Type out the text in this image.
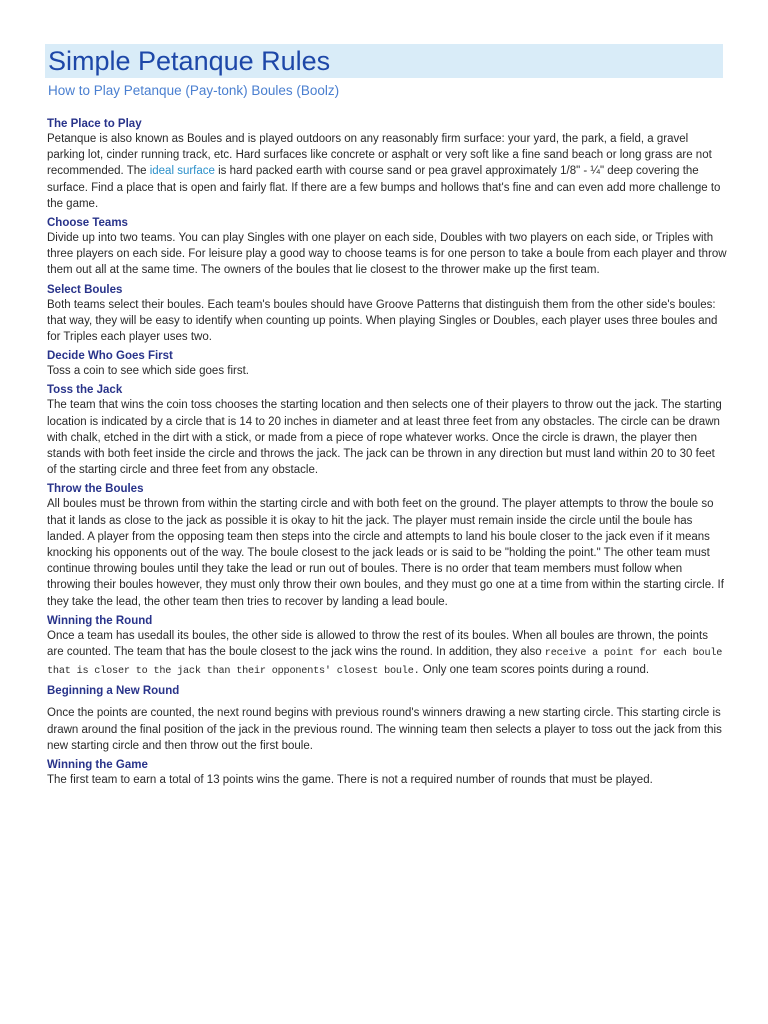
Simple Petanque Rules
How to Play Petanque (Pay-tonk) Boules (Boolz)
The Place to Play

Petanque is also known as Boules and is played outdoors on any reasonably firm surface: your yard, the park, a field, a gravel parking lot, cinder running track, etc. Hard surfaces like concrete or asphalt or very soft like a fine sand beach or long grass are not recommended. The ideal surface is hard packed earth with course sand or pea gravel approximately 1/8" - ¼" deep covering the surface. Find a place that is open and fairly flat. If there are a few bumps and hollows that's fine and can even add more challenge to the game.

Choose Teams

Divide up into two teams. You can play Singles with one player on each side, Doubles with two players on each side, or Triples with three players on each side. For leisure play a good way to choose teams is for one person to take a boule from each player and throw them out all at the same time. The owners of the boules that lie closest to the thrower make up the first team.

Select Boules

Both teams select their boules. Each team's boules should have Groove Patterns that distinguish them from the other side's boules: that way, they will be easy to identify when counting up points. When playing Singles or Doubles, each player uses three boules and for Triples each player uses two.

Decide Who Goes First

Toss a coin to see which side goes first.

Toss the Jack

The team that wins the coin toss chooses the starting location and then selects one of their players to throw out the jack. The starting location is indicated by a circle that is 14 to 20 inches in diameter and at least three feet from any obstacles. The circle can be drawn with chalk, etched in the dirt with a stick, or made from a piece of rope whatever works. Once the circle is drawn, the player then stands with both feet inside the circle and throws the jack. The jack can be thrown in any direction but must land within 20 to 30 feet of the starting circle and three feet from any obstacle.

Throw the Boules

All boules must be thrown from within the starting circle and with both feet on the ground. The player attempts to throw the boule so that it lands as close to the jack as possible it is okay to hit the jack. The player must remain inside the circle until the boule has landed. A player from the opposing team then steps into the circle and attempts to land his boule closer to the jack even if it means knocking his opponents out of the way. The boule closest to the jack leads or is said to be "holding the point." The other team must continue throwing boules until they take the lead or run out of boules. There is no order that team members must follow when throwing their boules however, they must only throw their own boules, and they must go one at a time from within the starting circle. If they take the lead, the other team then tries to recover by landing a lead boule.

Winning the Round

Once a team has usedall its boules, the other side is allowed to throw the rest of its boules. When all boules are thrown, the points are counted. The team that has the boule closest to the jack wins the round. In addition, they also receive a point for each boule that is closer to the jack than their opponents' closest boule. Only one team scores points during a round.

Beginning a New Round

Once the points are counted, the next round begins with previous round's winners drawing a new starting circle. This starting circle is drawn around the final position of the jack in the previous round. The winning team then selects a player to toss out the jack from this new starting circle and then throw out the first boule.

Winning the Game

The first team to earn a total of 13 points wins the game. There is not a required number of rounds that must be played.
